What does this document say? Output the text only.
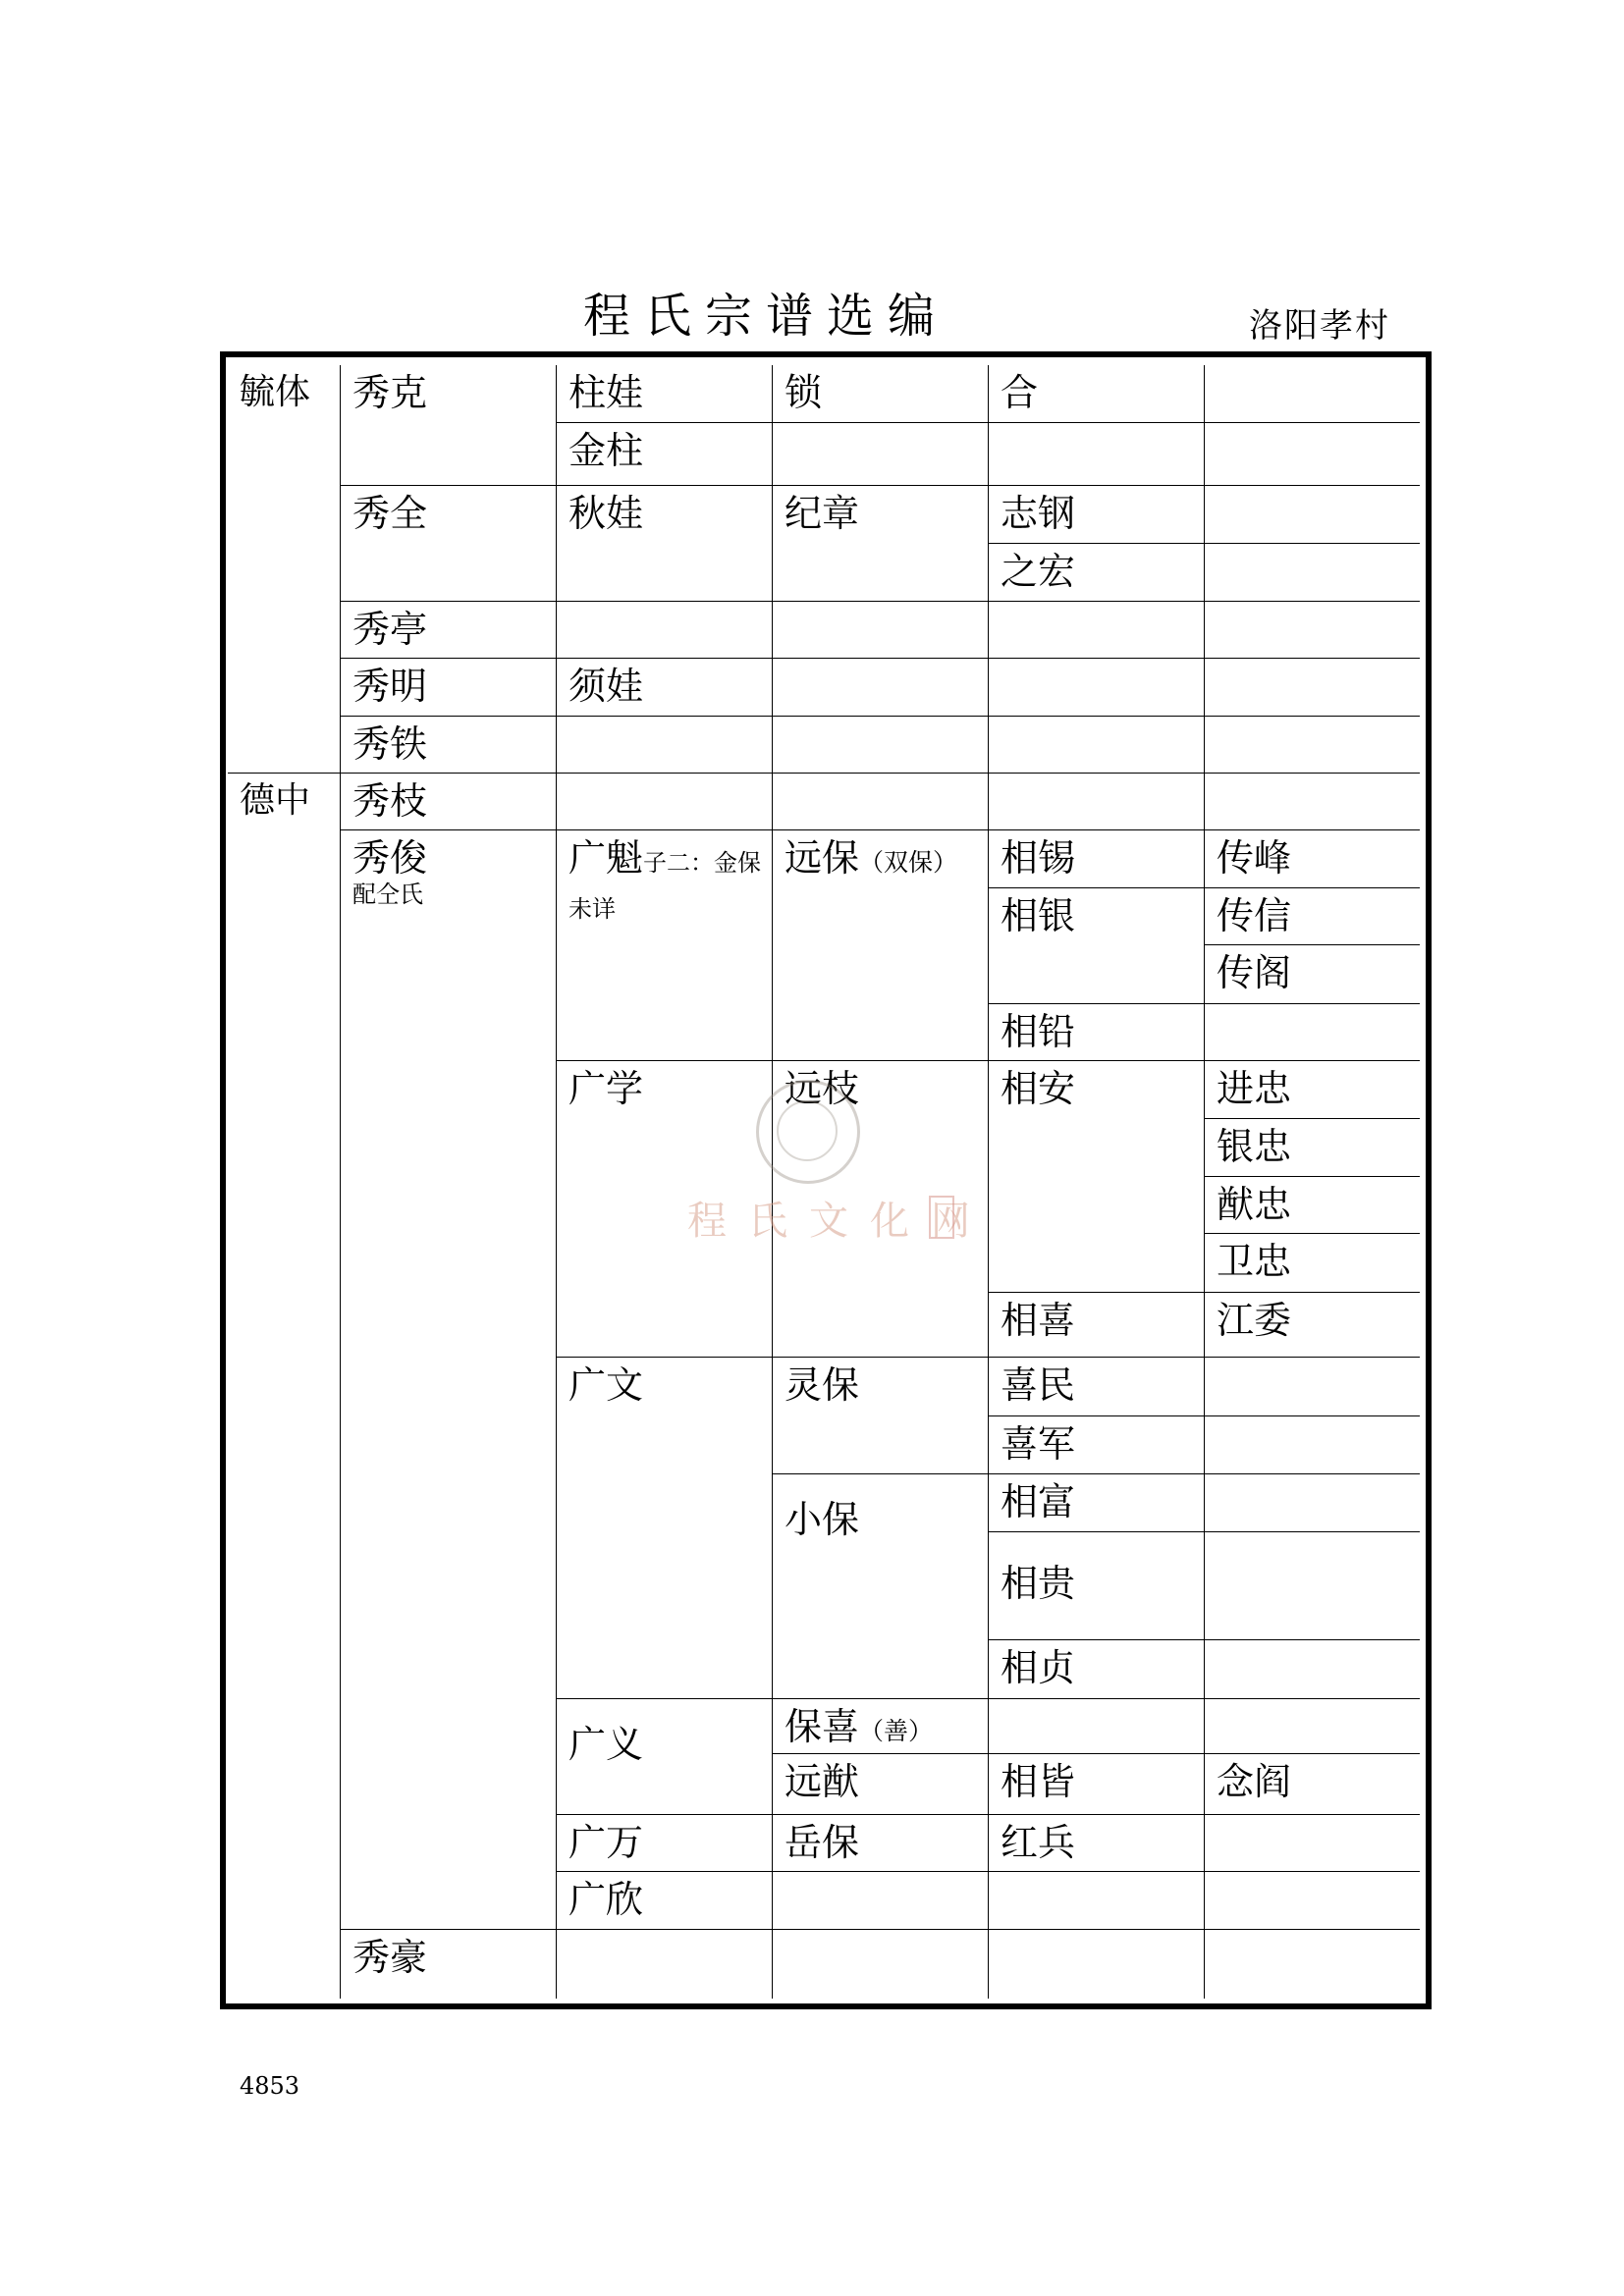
程氏宗谱选编	洛阳孝村
毓体 秀克
秀全
秀亭
秀明
秀铁
柱娃
金柱
秋娃
须娃
锁
纪章
合
志钢
之宏
德中 秀枝
秀俊
配仝氏
秀豪
广魁子二：金保未详
广学
广文
广义
广万
广欣
远保（双保）
远枝
灵保
小保
保喜（善）
远猷
岳保
相锡
相银
相铅
相安
相喜
喜民
喜军
相富
相贵
相贞
相皆
红兵
传峰
传信
传阁
进忠
银忠
猷忠
卫忠
江委
念阎
程氏文化网
4853
